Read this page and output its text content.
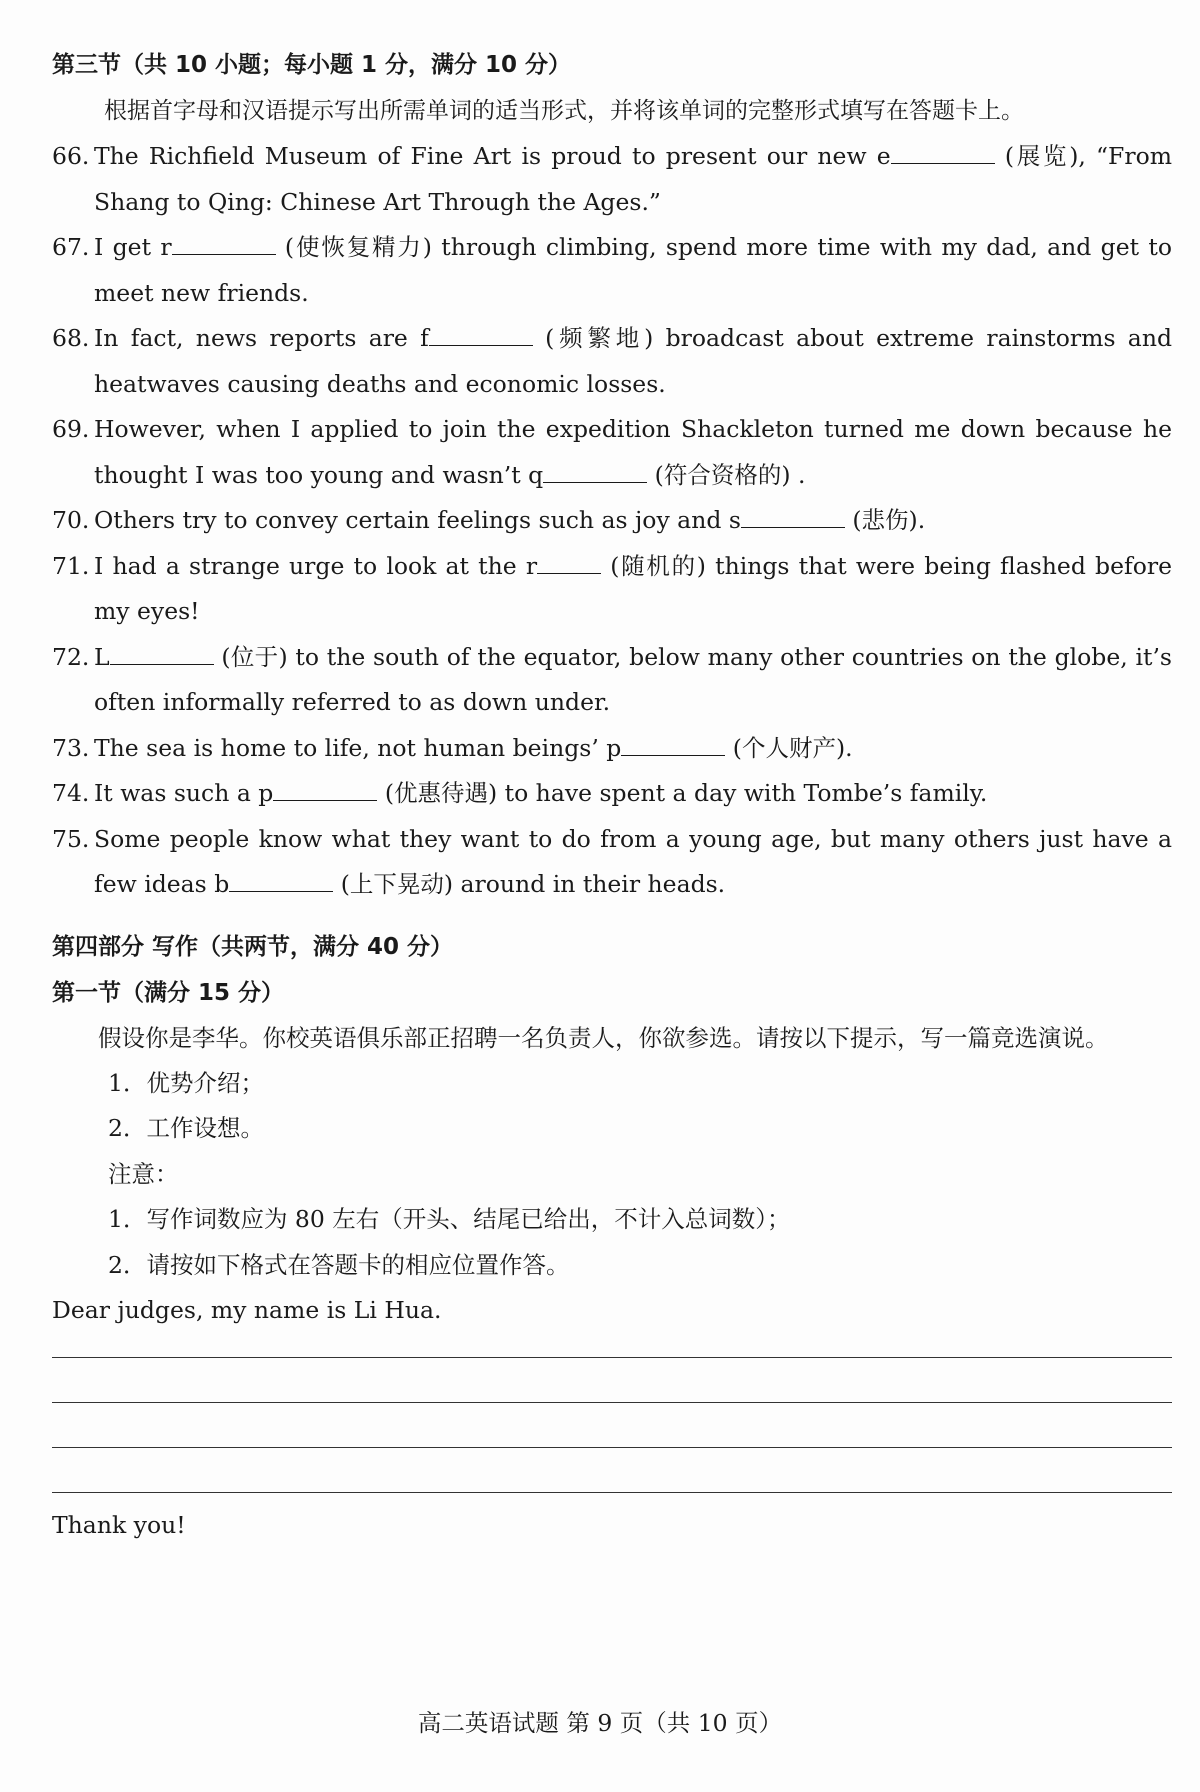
第三节（共 10 小题；每小题 1 分，满分 10 分）

根据首字母和汉语提示写出所需单词的适当形式，并将该单词的完整形式填写在答题卡上。

66. The Richfield Museum of Fine Art is proud to present our new e	(展览), “From Shang to Qing: Chinese Art Through the Ages.”
67. I get r	(使恢复精力) through climbing, spend more time with my dad, and get to meet new friends.
68. In fact, news reports are f	(频繁地) broadcast about extreme rainstorms and heatwaves causing deaths and economic losses.
69. However, when I applied to join the expedition Shackleton turned me down because he thought I was too young and wasn’t q	(符合资格的) .
70. Others try to convey certain feelings such as joy and s	(悲伤).
71. I had a strange urge to look at the r	(随机的) things that were being flashed before my eyes!
72. L	(位于) to the south of the equator, below many other countries on the globe, it’s often informally referred to as down under.
73. The sea is home to life, not human beings’ p	(个人财产).
74. It was such a p	(优惠待遇) to have spent a day with Tombe’s family.
75. Some people know what they want to do from a young age, but many others just have a few ideas b	(上下晃动) around in their heads.

第四部分 写作（共两节，满分 40 分）

第一节（满分 15 分）

假设你是李华。你校英语俱乐部正招聘一名负责人，你欲参选。请按以下提示，写一篇竞选演说。

1．优势介绍；

2．工作设想。

注意：

1．写作词数应为 80 左右（开头、结尾已给出，不计入总词数）；

2．请按如下格式在答题卡的相应位置作答。

Dear judges, my name is Li Hua.

Thank you!

高二英语试题 第 9 页（共 10 页）
